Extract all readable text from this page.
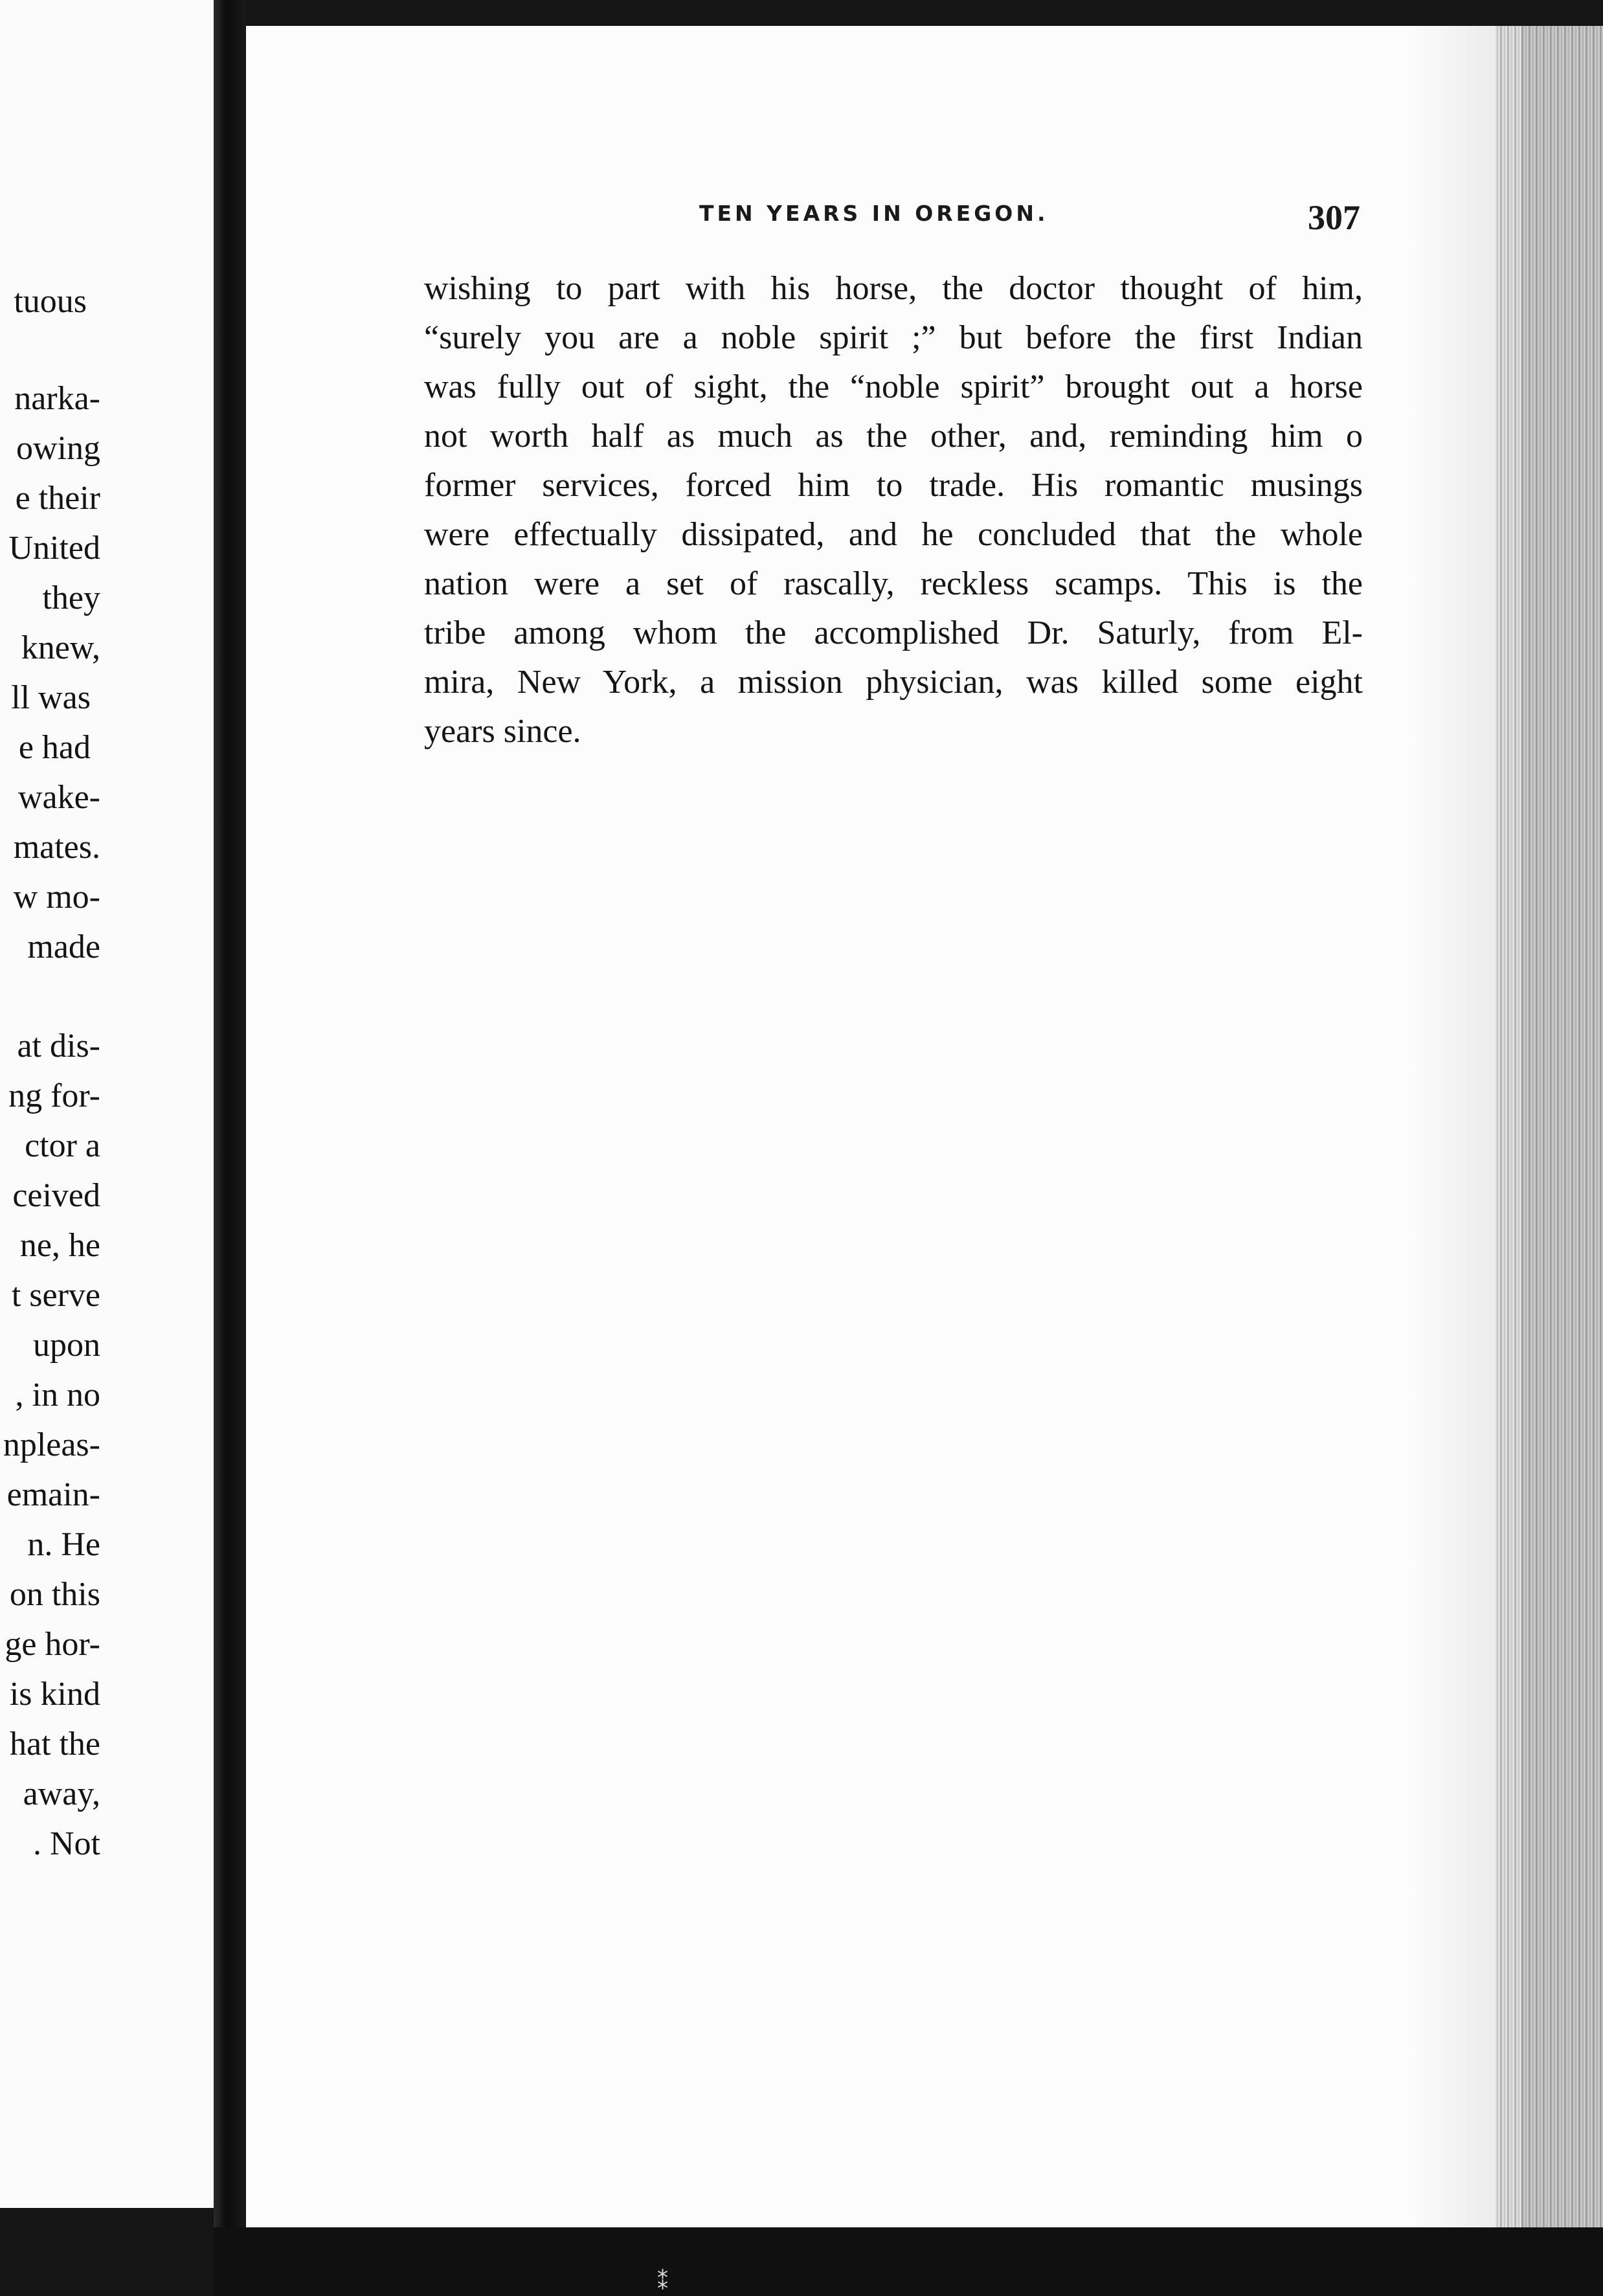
tuous
narka-
owing
e their
United
they
knew,
ll was
e had
wake-
mates.
w mo-
made
at dis-
ng for-
ctor a
ceived
ne, he
t serve
upon
, in no
npleas-
emain-
n. He
on this
ge hor-
is kind
hat the
away,
. Not
TEN YEARS IN OREGON.	307
wishing to part with his horse, the doctor thought of him,
“surely you are a noble spirit ;” but before the first Indian
was fully out of sight, the “noble spirit” brought out a horse
not worth half as much as the other, and, reminding him o
former services, forced him to trade. His romantic musings
were effectually dissipated, and he concluded that the whole
nation were a set of rascally, reckless scamps. This is the
tribe among whom the accomplished Dr. Saturly, from El-
mira, New York, a mission physician, was killed some eight
years since.
⁑
